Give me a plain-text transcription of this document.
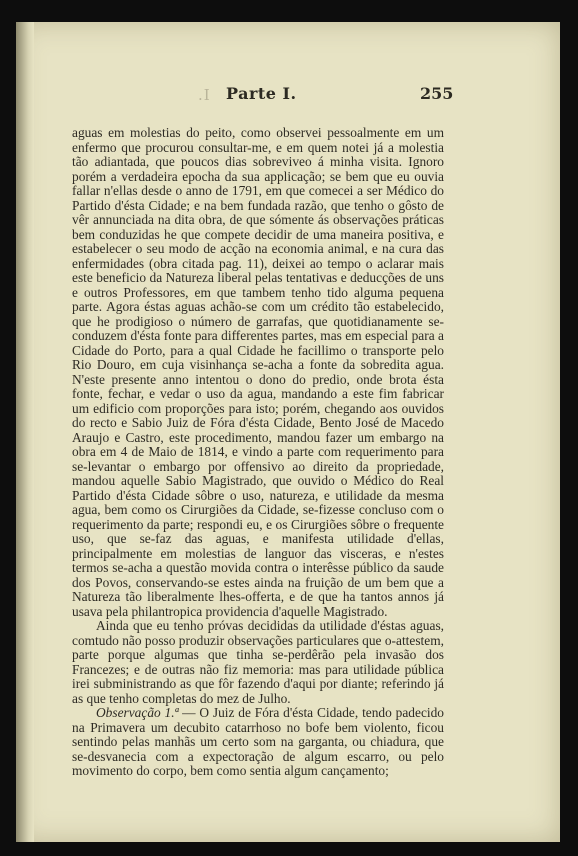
.I Parte I.	255

aguas em molestias do peito, como observei pessoalmente em um enfermo que procurou consultar-me, e em quem notei já a molestia tão adiantada, que poucos dias sobreviveo á minha visita. Ignoro porém a verdadeira epocha da sua applicação; se bem que eu ouvia fallar n'ellas desde o anno de 1791, em que comecei a ser Médico do Partido d'ésta Cidade; e na bem fundada razão, que tenho o gôsto de vêr annunciada na dita obra, de que sómente ás observações práticas bem conduzidas he que compete decidir de uma maneira positiva, e estabelecer o seu modo de acção na economia animal, e na cura das enfermidades (obra citada pag. 11), deixei ao tempo o aclarar mais este beneficio da Natureza liberal pelas tentativas e deducções de uns e outros Professores, em que tambem tenho tido alguma pequena parte. Agora éstas aguas achão-se com um crédito tão estabelecido, que he prodigioso o número de garrafas, que quotidianamente se-conduzem d'ésta fonte para differentes partes, mas em especial para a Cidade do Porto, para a qual Cidade he facillimo o transporte pelo Rio Douro, em cuja visinhança se-acha a fonte da sobredita agua. N'este presente anno intentou o dono do predio, onde brota ésta fonte, fechar, e vedar o uso da agua, mandando a este fim fabricar um edificio com proporções para isto; porém, chegando aos ouvidos do recto e Sabio Juiz de Fóra d'ésta Cidade, Bento José de Macedo Araujo e Castro, este procedimento, mandou fazer um embargo na obra em 4 de Maio de 1814, e vindo a parte com requerimento para se-levantar o embargo por offensivo ao direito da propriedade, mandou aquelle Sabio Magistrado, que ouvido o Médico do Real Partido d'ésta Cidade sôbre o uso, natureza, e utilidade da mesma agua, bem como os Cirurgiões da Cidade, se-fizesse concluso com o requerimento da parte; respondi eu, e os Cirurgiões sôbre o frequente uso, que se-faz das aguas, e manifesta utilidade d'ellas, principalmente em molestias de languor das visceras, e n'estes termos se-acha a questão movida contra o interêsse público da saude dos Povos, conservando-se estes ainda na fruição de um bem que a Natureza tão liberalmente lhes-offerta, e de que ha tantos annos já usava pela philantropica providencia d'aquelle Magistrado.

Ainda que eu tenho próvas decididas da utilidade d'éstas aguas, comtudo não posso produzir observações particulares que o-attestem, parte porque algumas que tinha se-perdêrão pela invasão dos Francezes; e de outras não fiz memoria: mas para utilidade pública irei subministrando as que fôr fazendo d'aqui por diante; referindo já as que tenho completas do mez de Julho.

Observação 1.ª — O Juiz de Fóra d'ésta Cidade, tendo padecido na Primavera um decubito catarrhoso no bofe bem violento, ficou sentindo pelas manhãs um certo som na garganta, ou chiadura, que se-desvanecia com a expectoração de algum escarro, ou pelo movimento do corpo, bem como sentia algum cançamento;
